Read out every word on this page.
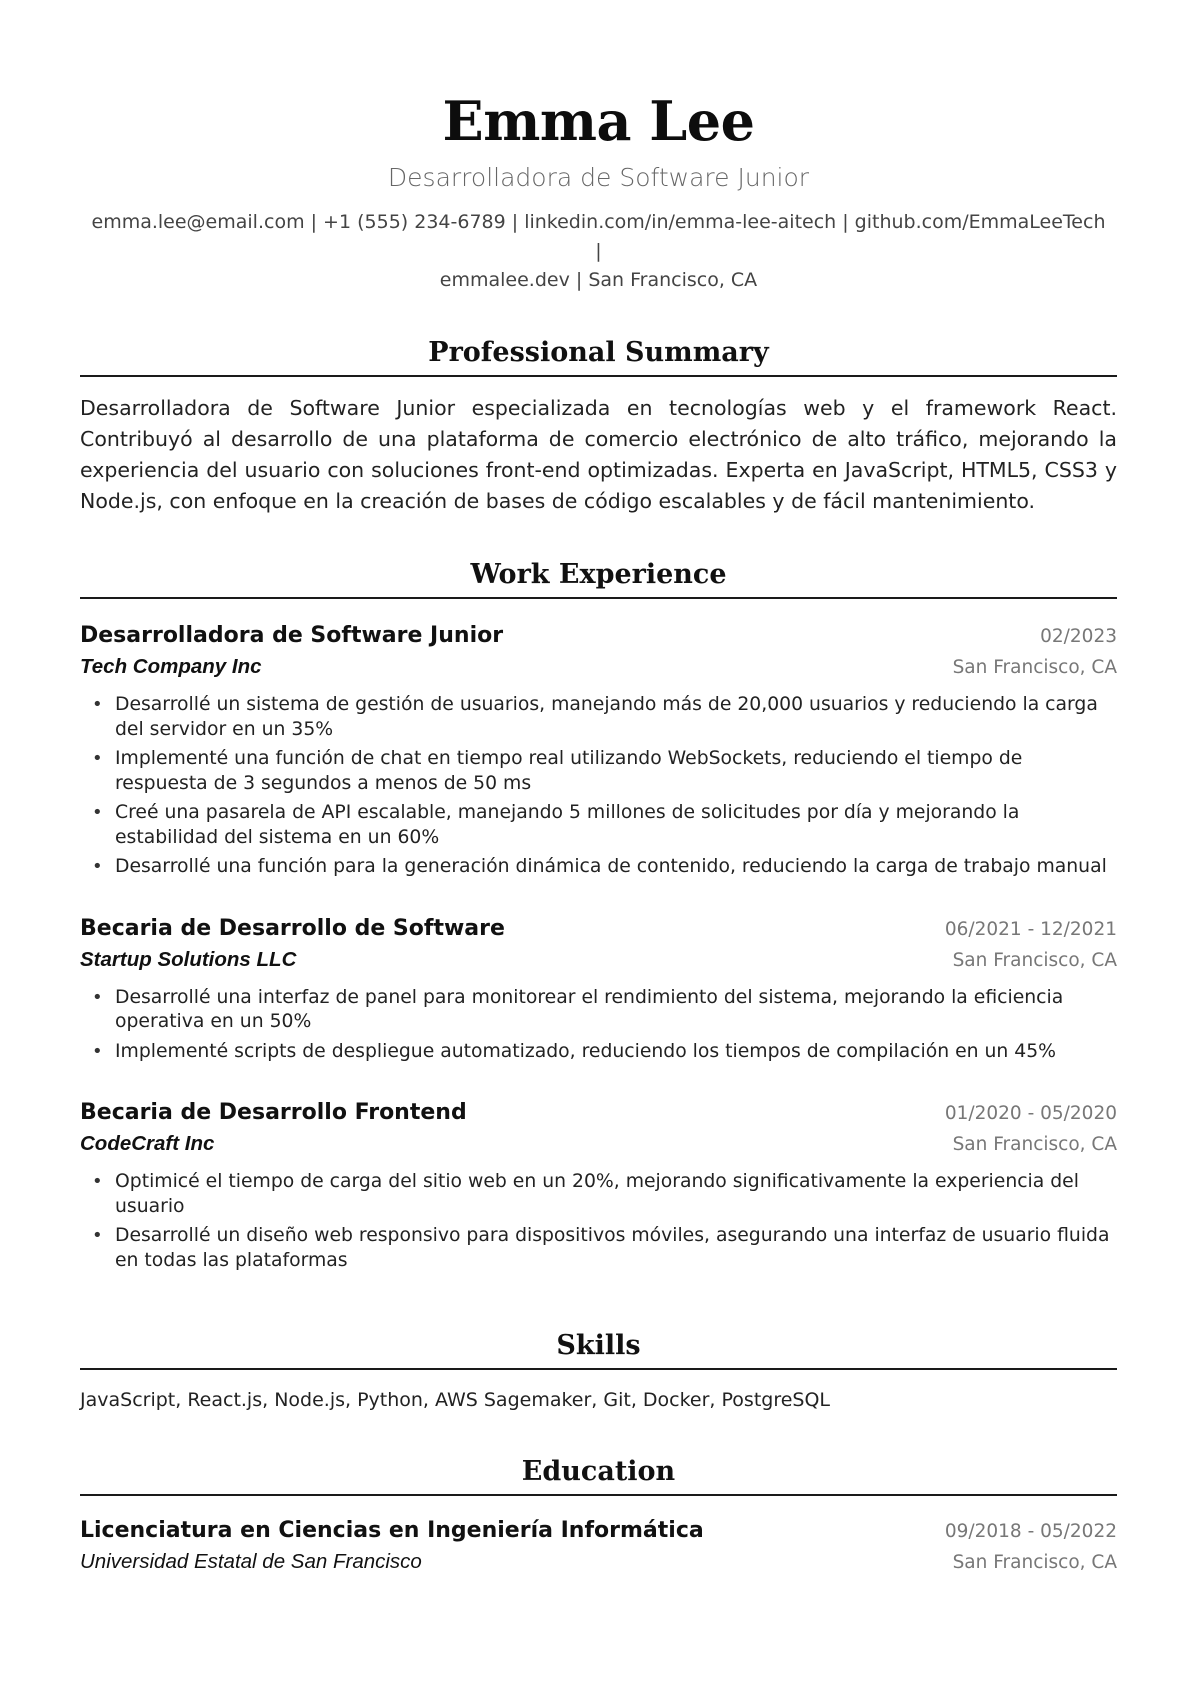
Emma Lee
Desarrolladora de Software Junior
emma.lee@email.com | +1 (555) 234-6789 | linkedin.com/in/emma-lee-aitech | github.com/EmmaLeeTech |
emmalee.dev | San Francisco, CA
Professional Summary
Desarrolladora de Software Junior especializada en tecnologías web y el framework React. Contribuyó al desarrollo de una plataforma de comercio electrónico de alto tráfico, mejorando la experiencia del usuario con soluciones front-end optimizadas. Experta en JavaScript, HTML5, CSS3 y Node.js, con enfoque en la creación de bases de código escalables y de fácil mantenimiento.
Work Experience
Desarrolladora de Software Junior	02/2023
Tech Company Inc	San Francisco, CA
• Desarrollé un sistema de gestión de usuarios, manejando más de 20,000 usuarios y reduciendo la carga del servidor en un 35%
• Implementé una función de chat en tiempo real utilizando WebSockets, reduciendo el tiempo de respuesta de 3 segundos a menos de 50 ms
• Creé una pasarela de API escalable, manejando 5 millones de solicitudes por día y mejorando la estabilidad del sistema en un 60%
• Desarrollé una función para la generación dinámica de contenido, reduciendo la carga de trabajo manual
Becaria de Desarrollo de Software	06/2021 - 12/2021
Startup Solutions LLC	San Francisco, CA
• Desarrollé una interfaz de panel para monitorear el rendimiento del sistema, mejorando la eficiencia operativa en un 50%
• Implementé scripts de despliegue automatizado, reduciendo los tiempos de compilación en un 45%
Becaria de Desarrollo Frontend	01/2020 - 05/2020
CodeCraft Inc	San Francisco, CA
• Optimicé el tiempo de carga del sitio web en un 20%, mejorando significativamente la experiencia del usuario
• Desarrollé un diseño web responsivo para dispositivos móviles, asegurando una interfaz de usuario fluida en todas las plataformas
Skills
JavaScript, React.js, Node.js, Python, AWS Sagemaker, Git, Docker, PostgreSQL
Education
Licenciatura en Ciencias en Ingeniería Informática	09/2018 - 05/2022
Universidad Estatal de San Francisco	San Francisco, CA
